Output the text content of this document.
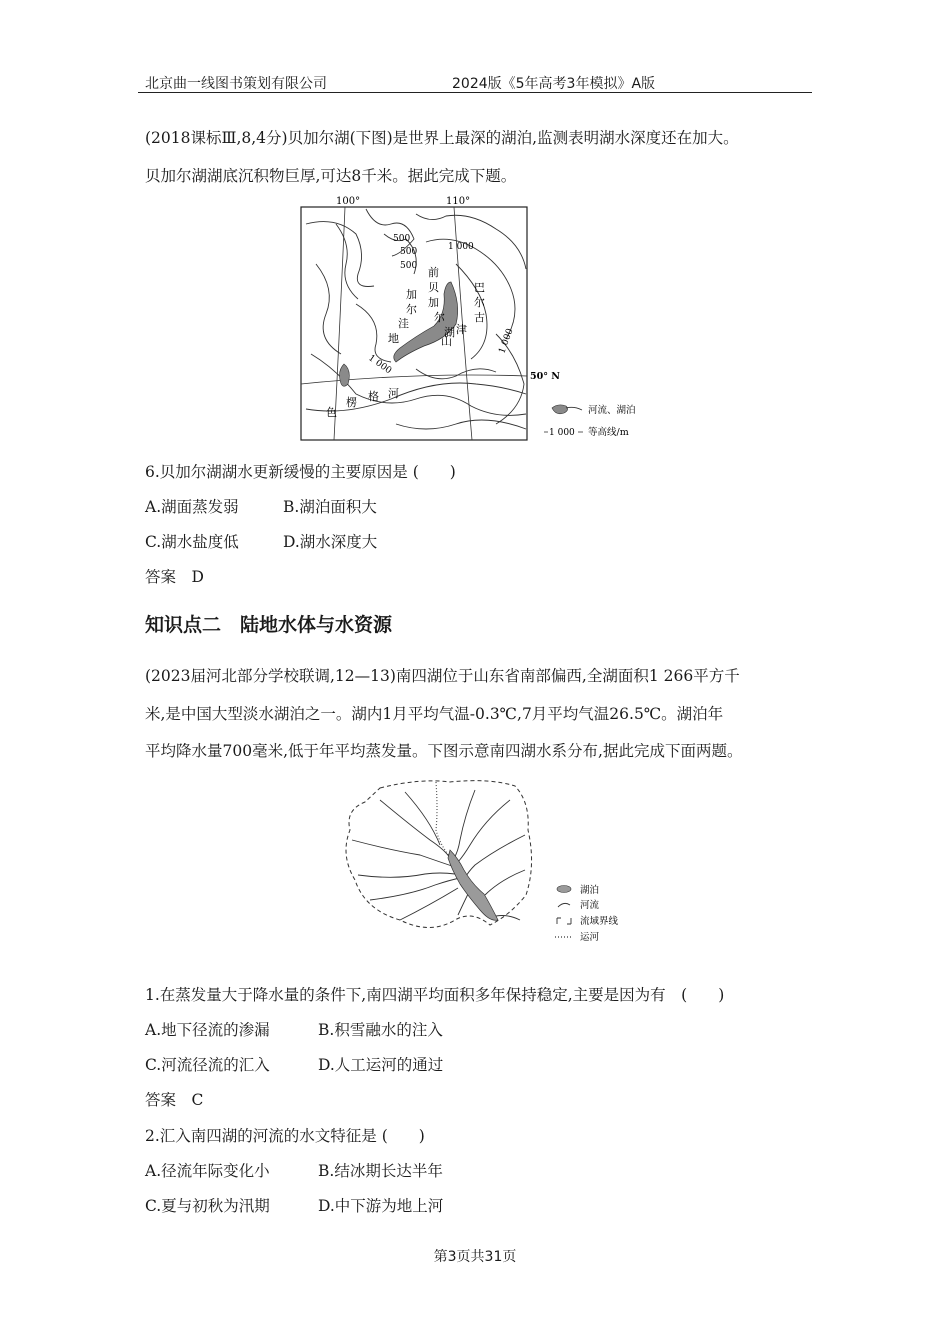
北京曲一线图书策划有限公司	2024版《5年高考3年模拟》A版
(2018课标Ⅲ,8,4分)贝加尔湖(下图)是世界上最深的湖泊,监测表明湖水深度还在加大。
贝加尔湖湖底沉积物巨厚,可达8千米。据此完成下题。
100°	110°
50° N
500
500
500
1 000
1 000
1 000
前
贝
加
尔
湖
巴
尔
古
津
山
加
尔
洼
地
色
楞 格 河
河流、湖泊
1 000 等高线/m
6.贝加尔湖湖水更新缓慢的主要原因是 (　　)
A.湖面蒸发弱	B.湖泊面积大
C.湖水盐度低	D.湖水深度大
答案　D
知识点二　陆地水体与水资源
(2023届河北部分学校联调,12—13)南四湖位于山东省南部偏西,全湖面积1 266平方千
米,是中国大型淡水湖泊之一。湖内1月平均气温-0.3℃,7月平均气温26.5℃。湖泊年
平均降水量700毫米,低于年平均蒸发量。下图示意南四湖水系分布,据此完成下面两题。
湖泊
河流
流域界线
运河
1.在蒸发量大于降水量的条件下,南四湖平均面积多年保持稳定,主要是因为有　(　　)
A.地下径流的渗漏	B.积雪融水的注入
C.河流径流的汇入	D.人工运河的通过
答案　C
2.汇入南四湖的河流的水文特征是 (　　)
A.径流年际变化小	B.结冰期长达半年
C.夏与初秋为汛期	D.中下游为地上河
第3页共31页
